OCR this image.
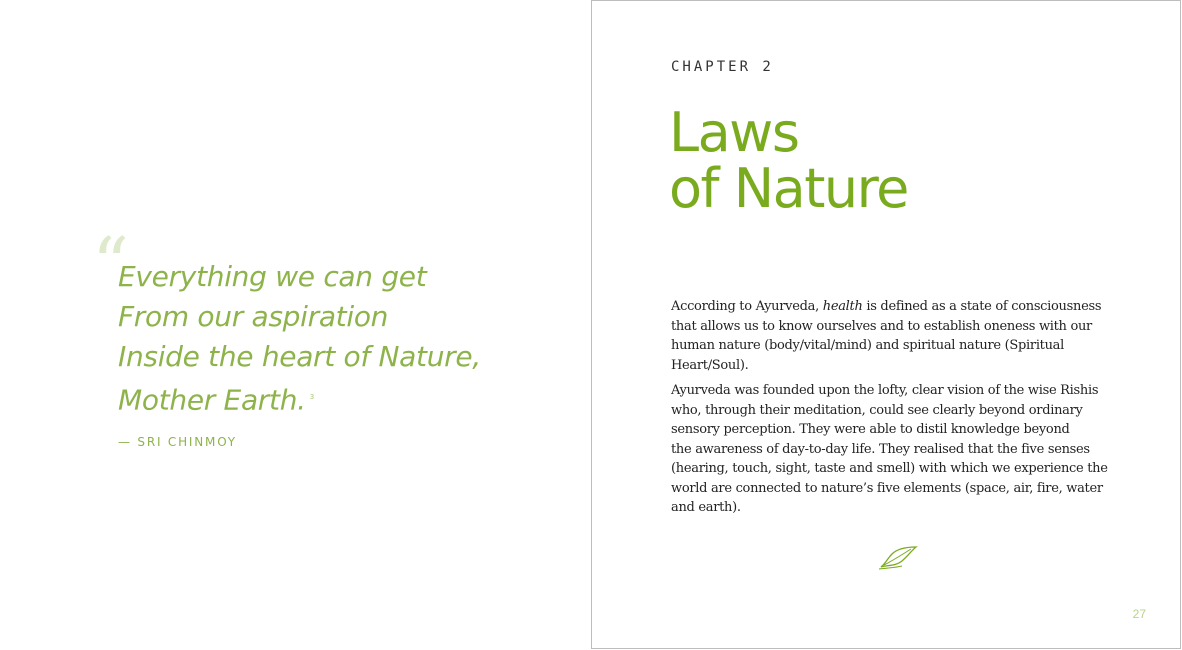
“
Everything we can get
From our aspiration
Inside the heart of Nature,
Mother Earth. $^3$
— SRI CHINMOY
CHAPTER 2
Laws
of Nature

According to Ayurveda, health is defined as a state of consciousness
that allows us to know ourselves and to establish oneness with our
human nature (body/vital/mind) and spiritual nature (Spiritual
Heart/Soul).

Ayurveda was founded upon the lofty, clear vision of the wise Rishis
who, through their meditation, could see clearly beyond ordinary
sensory perception. They were able to distil knowledge beyond
the awareness of day-to-day life. They realised that the five senses
(hearing, touch, sight, taste and smell) with which we experience the
world are connected to nature’s five elements (space, air, fire, water
and earth).

27
